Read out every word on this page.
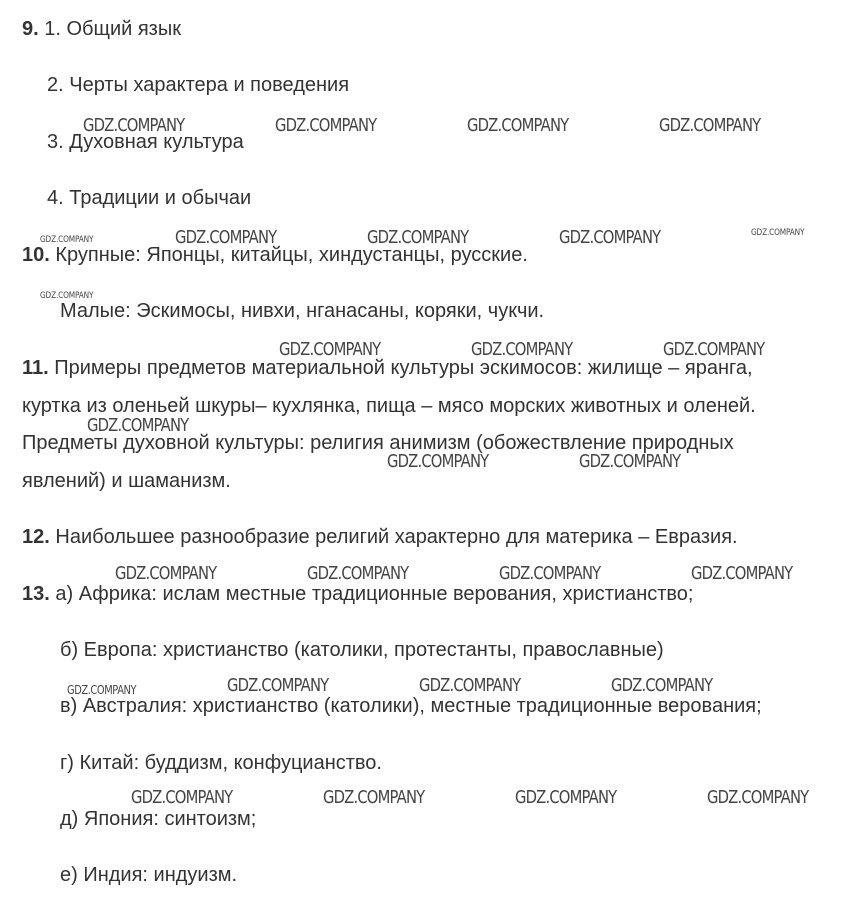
9. 1. Общий язык
2. Черты характера и поведения
3. Духовная культура
4. Традиции и обычаи
10. Крупные: Японцы, китайцы, хиндустанцы, русские.
Малые: Эскимосы, нивхи, нганасаны, коряки, чукчи.
11. Примеры предметов материальной культуры эскимосов: жилище – яранга,
куртка из оленьей шкуры– кухлянка, пища – мясо морских животных и оленей.
Предметы духовной культуры: религия анимизм (обожествление природных
явлений) и шаманизм.
12. Наибольшее разнообразие религий характерно для материка – Евразия.
13. а) Африка: ислам местные традиционные верования, христианство;
б) Европа: христианство (католики, протестанты, православные)
в) Австралия: христианство (католики), местные традиционные верования;
г) Китай: буддизм, конфуцианство.
д) Япония: синтоизм;
е) Индия: индуизм.
GDZ.COMPANY	GDZ.COMPANY	GDZ.COMPANY	GDZ.COMPANY
GDZ.COMPANY	GDZ.COMPANY	GDZ.COMPANY	GDZ.COMPANY	GDZ.COMPANY
GDZ.COMPANY
GDZ.COMPANY	GDZ.COMPANY	GDZ.COMPANY
GDZ.COMPANY
GDZ.COMPANY	GDZ.COMPANY
GDZ.COMPANY	GDZ.COMPANY	GDZ.COMPANY	GDZ.COMPANY
GDZ.COMPANY	GDZ.COMPANY	GDZ.COMPANY	GDZ.COMPANY
GDZ.COMPANY	GDZ.COMPANY	GDZ.COMPANY	GDZ.COMPANY
